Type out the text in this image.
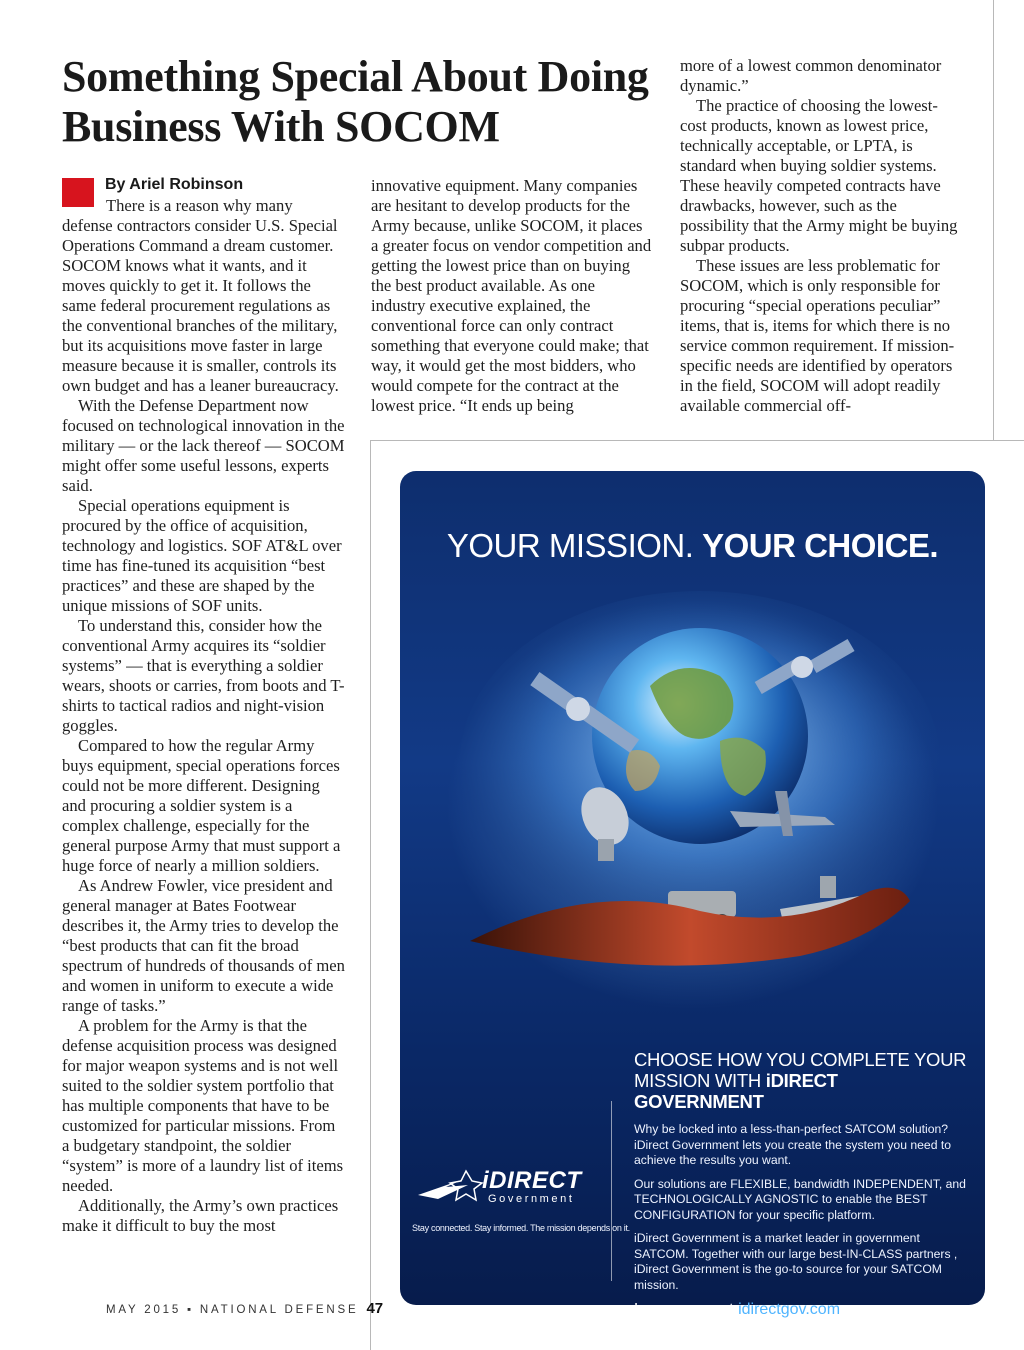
Something Special About Doing Business With SOCOM
By Ariel Robinson

There is a reason why many defense contractors consider U.S. Special Operations Command a dream customer. SOCOM knows what it wants, and it moves quickly to get it. It follows the same federal procurement regulations as the conventional branches of the military, but its acquisitions move faster in large measure because it is smaller, controls its own budget and has a leaner bureaucracy.

With the Defense Department now focused on technological innovation in the military — or the lack thereof — SOCOM might offer some useful lessons, experts said.

Special operations equipment is procured by the office of acquisition, technology and logistics. SOF AT&L over time has fine-tuned its acquisition “best practices” and these are shaped by the unique missions of SOF units.

To understand this, consider how the conventional Army acquires its “soldier systems” — that is everything a soldier wears, shoots or carries, from boots and T-shirts to tactical radios and night-vision goggles.

Compared to how the regular Army buys equipment, special operations forces could not be more different. Designing and procuring a soldier system is a complex challenge, especially for the general purpose Army that must support a huge force of nearly a million soldiers.

As Andrew Fowler, vice president and general manager at Bates Footwear describes it, the Army tries to develop the “best products that can fit the broad spectrum of hundreds of thousands of men and women in uniform to execute a wide range of tasks.”

A problem for the Army is that the defense acquisition process was designed for major weapon systems and is not well suited to the soldier system portfolio that has multiple components that have to be customized for particular missions. From a budgetary standpoint, the soldier “system” is more of a laundry list of items needed.

Additionally, the Army’s own practices make it difficult to buy the most

innovative equipment. Many companies are hesitant to develop products for the Army because, unlike SOCOM, it places a greater focus on vendor competition and getting the lowest price than on buying the best product available. As one industry executive explained, the conventional force can only contract something that everyone could make; that way, it would get the most bidders, who would compete for the contract at the lowest price. “It ends up being

more of a lowest common denominator dynamic.”

The practice of choosing the lowest-cost products, known as lowest price, technically acceptable, or LPTA, is standard when buying soldier systems. These heavily competed contracts have drawbacks, however, such as the possibility that the Army might be buying subpar products.

These issues are less problematic for SOCOM, which is only responsible for procuring “special operations peculiar” items, that is, items for which there is no service common requirement. If mission-specific needs are identified by operators in the field, SOCOM will adopt readily available commercial off-

MAY 2015 ▪ NATIONAL DEFENSE 47
YOUR MISSION. YOUR CHOICE.

CHOOSE HOW YOU COMPLETE YOUR
MISSION WITH iDIRECT GOVERNMENT

Why be locked into a less-than-perfect SATCOM solution? iDirect Government lets you create the system you need to achieve the results you want.

Our solutions are FLEXIBLE, bandwidth INDEPENDENT, and TECHNOLOGICALLY AGNOSTIC to enable the BEST CONFIGURATION for your specific platform.

iDirect Government is a market leader in government SATCOM. Together with our large best-IN-CLASS partners , iDirect Government is the go-to source for your SATCOM mission.

Learn more at idirectgov.com
iDIRECT
Government
Stay connected. Stay informed. The mission depends on it.
